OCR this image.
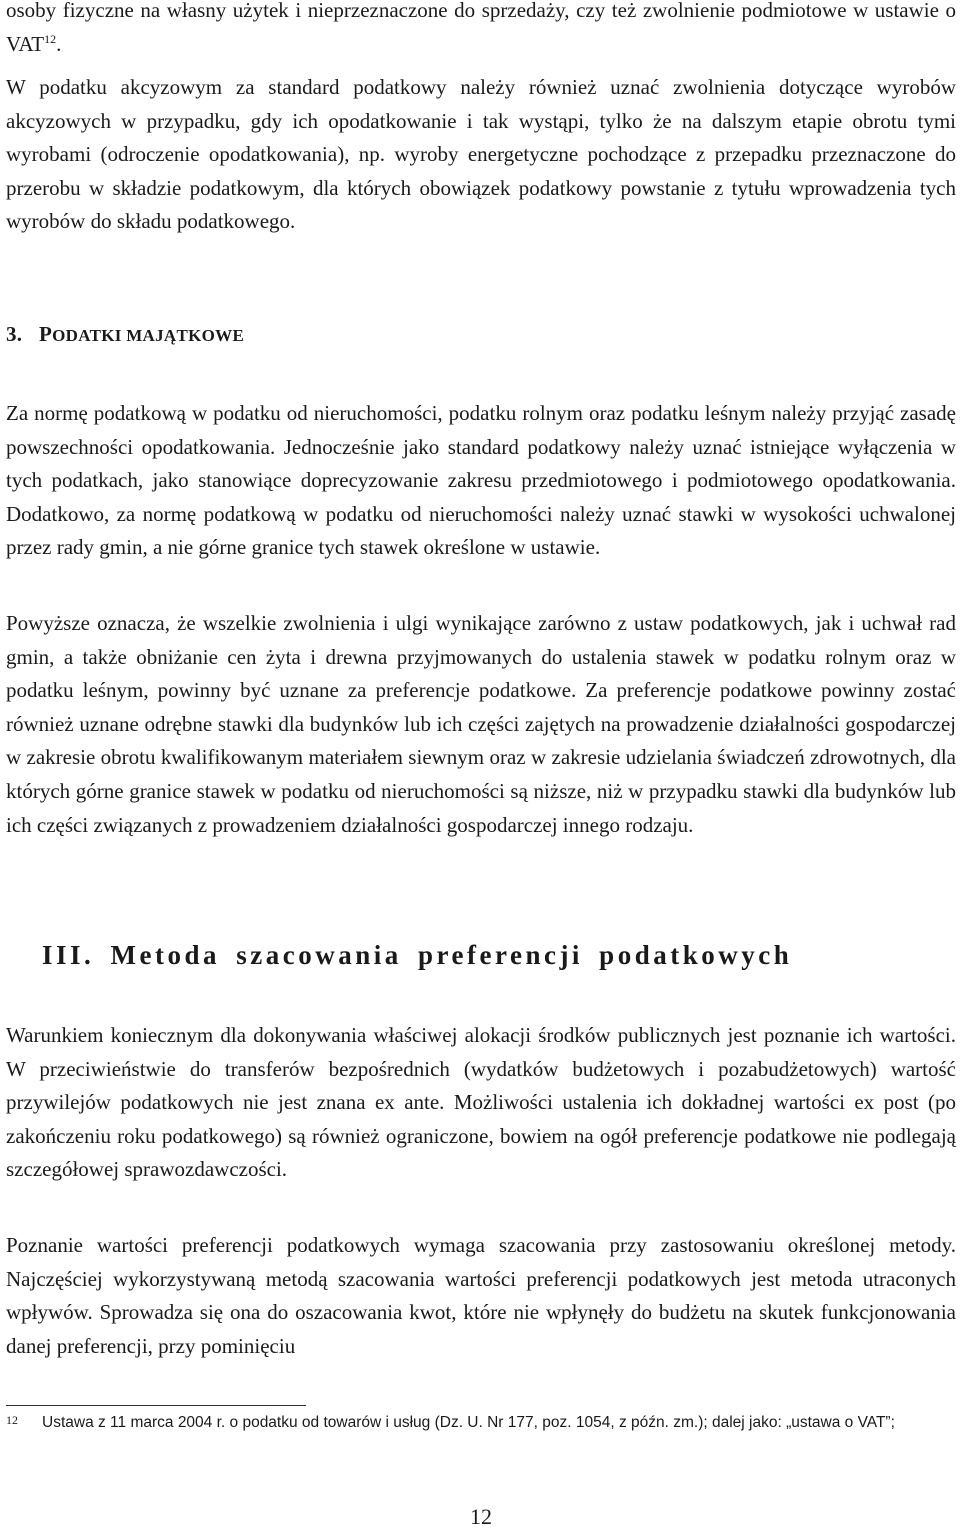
osoby fizyczne na własny użytek i nieprzeznaczone do sprzedaży, czy też zwolnienie podmiotowe w ustawie o VAT$^{12}$.

W podatku akcyzowym za standard podatkowy należy również uznać zwolnienia dotyczące wyrobów akcyzowych w przypadku, gdy ich opodatkowanie i tak wystąpi, tylko że na dalszym etapie obrotu tymi wyrobami (odroczenie opodatkowania), np. wyroby energetyczne pochodzące z przepadku przeznaczone do przerobu w składzie podatkowym, dla których obowiązek podatkowy powstanie z tytułu wprowadzenia tych wyrobów do składu podatkowego.

3. PODATKI MAJĄTKOWE

Za normę podatkową w podatku od nieruchomości, podatku rolnym oraz podatku leśnym należy przyjąć zasadę powszechności opodatkowania. Jednocześnie jako standard podatkowy należy uznać istniejące wyłączenia w tych podatkach, jako stanowiące doprecyzowanie zakresu przedmiotowego i podmiotowego opodatkowania. Dodatkowo, za normę podatkową w podatku od nieruchomości należy uznać stawki w wysokości uchwalonej przez rady gmin, a nie górne granice tych stawek określone w ustawie.

Powyższe oznacza, że wszelkie zwolnienia i ulgi wynikające zarówno z ustaw podatkowych, jak i uchwał rad gmin, a także obniżanie cen żyta i drewna przyjmowanych do ustalenia stawek w podatku rolnym oraz w podatku leśnym, powinny być uznane za preferencje podatkowe. Za preferencje podatkowe powinny zostać również uznane odrębne stawki dla budynków lub ich części zajętych na prowadzenie działalności gospodarczej w zakresie obrotu kwalifikowanym materiałem siewnym oraz w zakresie udzielania świadczeń zdrowotnych, dla których górne granice stawek w podatku od nieruchomości są niższe, niż w przypadku stawki dla budynków lub ich części związanych z prowadzeniem działalności gospodarczej innego rodzaju.

III. Metoda szacowania preferencji podatkowych

Warunkiem koniecznym dla dokonywania właściwej alokacji środków publicznych jest poznanie ich wartości. W przeciwieństwie do transferów bezpośrednich (wydatków budżetowych i pozabudżetowych) wartość przywilejów podatkowych nie jest znana ex ante. Możliwości ustalenia ich dokładnej wartości ex post (po zakończeniu roku podatkowego) są również ograniczone, bowiem na ogół preferencje podatkowe nie podlegają szczegółowej sprawozdawczości.

Poznanie wartości preferencji podatkowych wymaga szacowania przy zastosowaniu określonej metody. Najczęściej wykorzystywaną metodą szacowania wartości preferencji podatkowych jest metoda utraconych wpływów. Sprowadza się ona do oszacowania kwot, które nie wpłynęły do budżetu na skutek funkcjonowania danej preferencji, przy pominięciu

12 Ustawa z 11 marca 2004 r. o podatku od towarów i usług (Dz. U. Nr 177, poz. 1054, z późn. zm.); dalej jako: „ustawa o VAT”;
12
